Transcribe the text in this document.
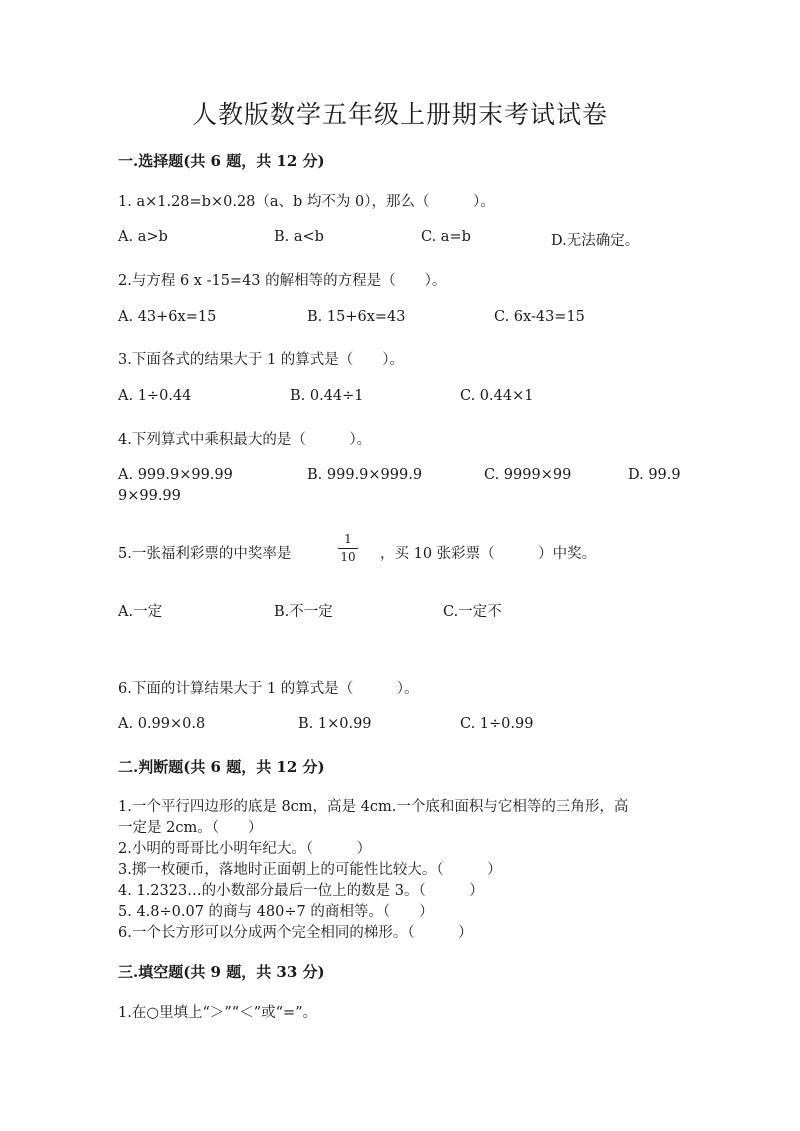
人教版数学五年级上册期末考试试卷
一.选择题(共 6 题，共 12 分)
1. a×1.28=b×0.28（a、b 均不为 0），那么（　　　）。
A. a>b	B. a<b	C. a=b	D.无法确定。
2.与方程 6 x -15=43 的解相等的方程是（　　）。
A. 43+6x=15	B. 15+6x=43	C. 6x-43=15
3.下面各式的结果大于 1 的算式是（　　）。
A. 1÷0.44	B. 0.44÷1	C. 0.44×1
4.下列算式中乘积最大的是（　　　）。
A. 999.9×99.99	B. 999.9×999.9	C. 9999×99	D. 99.9
9×99.99
5.一张福利彩票的中奖率是
1
10	，买 10 张彩票（　　　）中奖。
A.一定	B.不一定	C.一定不
6.下面的计算结果大于 1 的算式是（　　　）。
A. 0.99×0.8	B. 1×0.99	C. 1÷0.99
二.判断题(共 6 题，共 12 分)
1.一个平行四边形的底是 8cm，高是 4cm.一个底和面积与它相等的三角形，高
一定是 2cm。（　　）
2.小明的哥哥比小明年纪大。（　　　）
3.掷一枚硬币，落地时正面朝上的可能性比较大。（　　　）
4. 1.2323…的小数部分最后一位上的数是 3。（　　　）
5. 4.8÷0.07 的商与 480÷7 的商相等。（　　）
6.一个长方形可以分成两个完全相同的梯形。（　　　）
三.填空题(共 9 题，共 33 分)
1.在○里填上“＞”“＜”或“=”。
